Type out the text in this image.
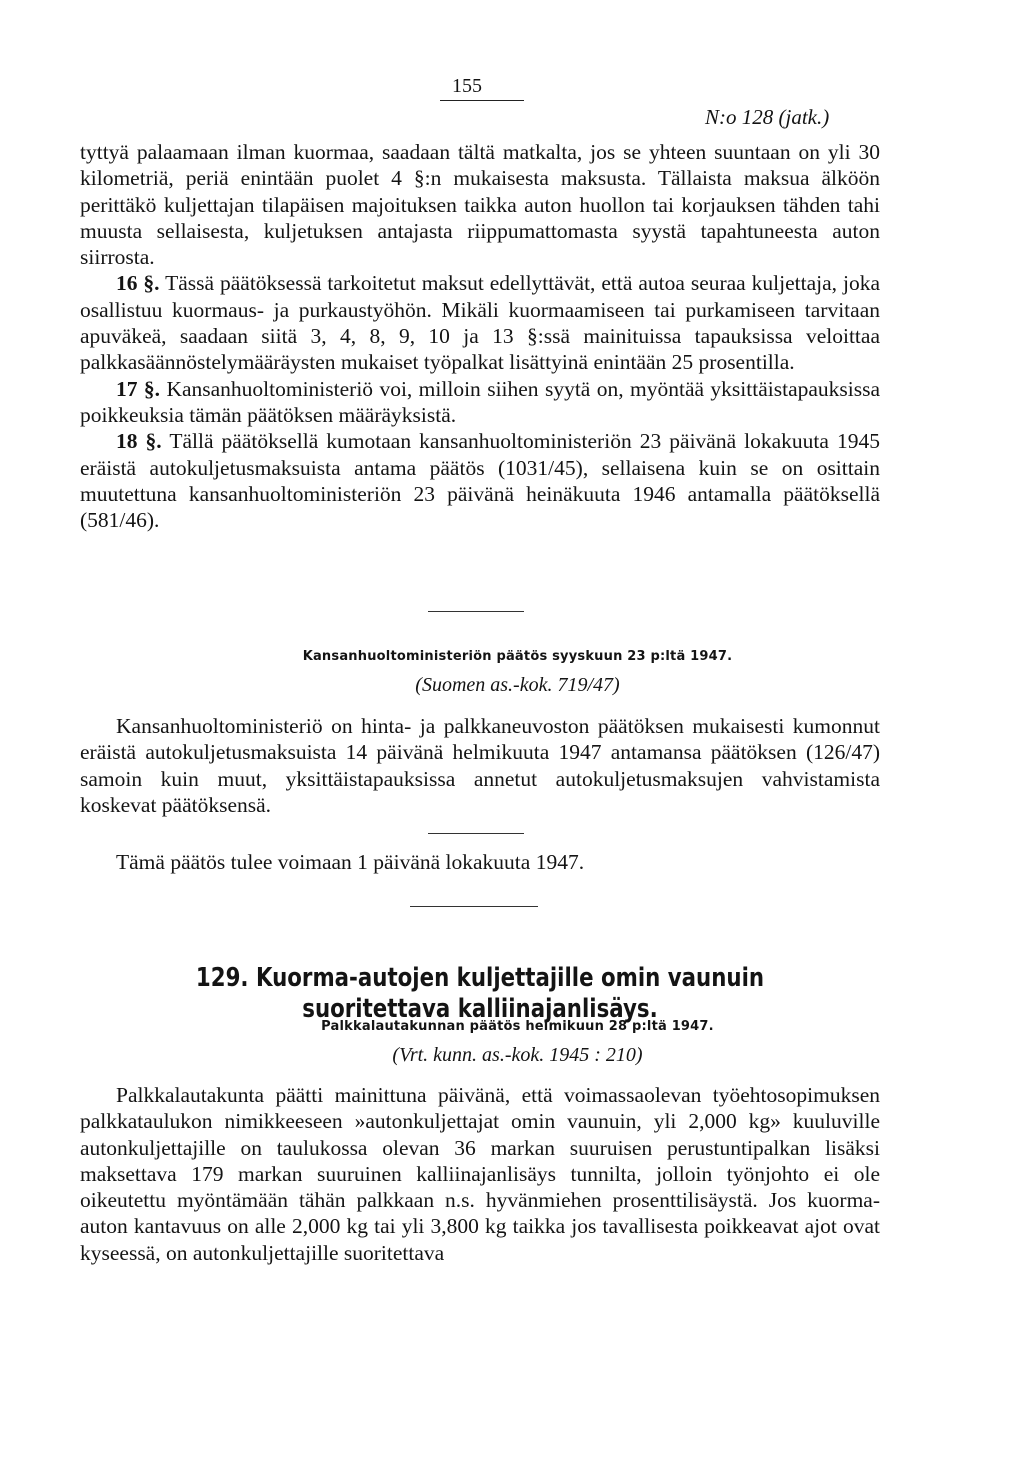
155
N:o 128 (jatk.)

tyttyä palaamaan ilman kuormaa, saadaan tältä matkalta, jos se yhteen suuntaan on yli 30 kilometriä, periä enintään puolet 4 §:n mukaisesta maksusta. Tällaista maksua älköön perittäkö kuljettajan tilapäisen majoituksen taikka auton huollon tai korjauksen tähden tahi muusta sellaisesta, kuljetuksen antajasta riippumattomasta syystä tapahtuneesta auton siirrosta.

16 §. Tässä päätöksessä tarkoitetut maksut edellyttävät, että autoa seuraa kuljettaja, joka osallistuu kuormaus- ja purkaustyöhön. Mikäli kuormaamiseen tai purkamiseen tarvitaan apuväkeä, saadaan siitä 3, 4, 8, 9, 10 ja 13 §:ssä mainituissa tapauksissa veloittaa palkkasäännöstelymääräysten mukaiset työpalkat lisättyinä enintään 25 prosentilla.

17 §. Kansanhuoltoministeriö voi, milloin siihen syytä on, myöntää yksittäistapauksissa poikkeuksia tämän päätöksen määräyksistä.

18 §. Tällä päätöksellä kumotaan kansanhuoltoministeriön 23 päivänä lokakuuta 1945 eräistä autokuljetusmaksuista antama päätös (1031/45), sellaisena kuin se on osittain muutettuna kansanhuoltoministeriön 23 päivänä heinäkuuta 1946 antamalla päätöksellä (581/46).

Kansanhuoltoministeriön päätös syyskuun 23 p:ltä 1947.
(Suomen as.-kok. 719/47)

Kansanhuoltoministeriö on hinta- ja palkkaneuvoston päätöksen mukaisesti kumonnut eräistä autokuljetusmaksuista 14 päivänä helmikuuta 1947 antamansa päätöksen (126/47) samoin kuin muut, yksittäistapauksissa annetut autokuljetusmaksujen vahvistamista koskevat päätöksensä.

Tämä päätös tulee voimaan 1 päivänä lokakuuta 1947.

129. Kuorma-autojen kuljettajille omin vaunuin suoritettava kalliinajanlisäys.
Palkkalautakunnan päätös helmikuun 28 p:ltä 1947.
(Vrt. kunn. as.-kok. 1945 : 210)

Palkkalautakunta päätti mainittuna päivänä, että voimassaolevan työehtosopimuksen palkkataulukon nimikkeeseen »autonkuljettajat omin vaunuin, yli 2,000 kg» kuuluville autonkuljettajille on taulukossa olevan 36 markan suuruisen perustuntipalkan lisäksi maksettava 179 markan suuruinen kalliinajanlisäys tunnilta, jolloin työnjohto ei ole oikeutettu myöntämään tähän palkkaan n.s. hyvänmiehen prosenttilisäystä. Jos kuorma-auton kantavuus on alle 2,000 kg tai yli 3,800 kg taikka jos tavallisesta poikkeavat ajot ovat kyseessä, on autonkuljettajille suoritettava
